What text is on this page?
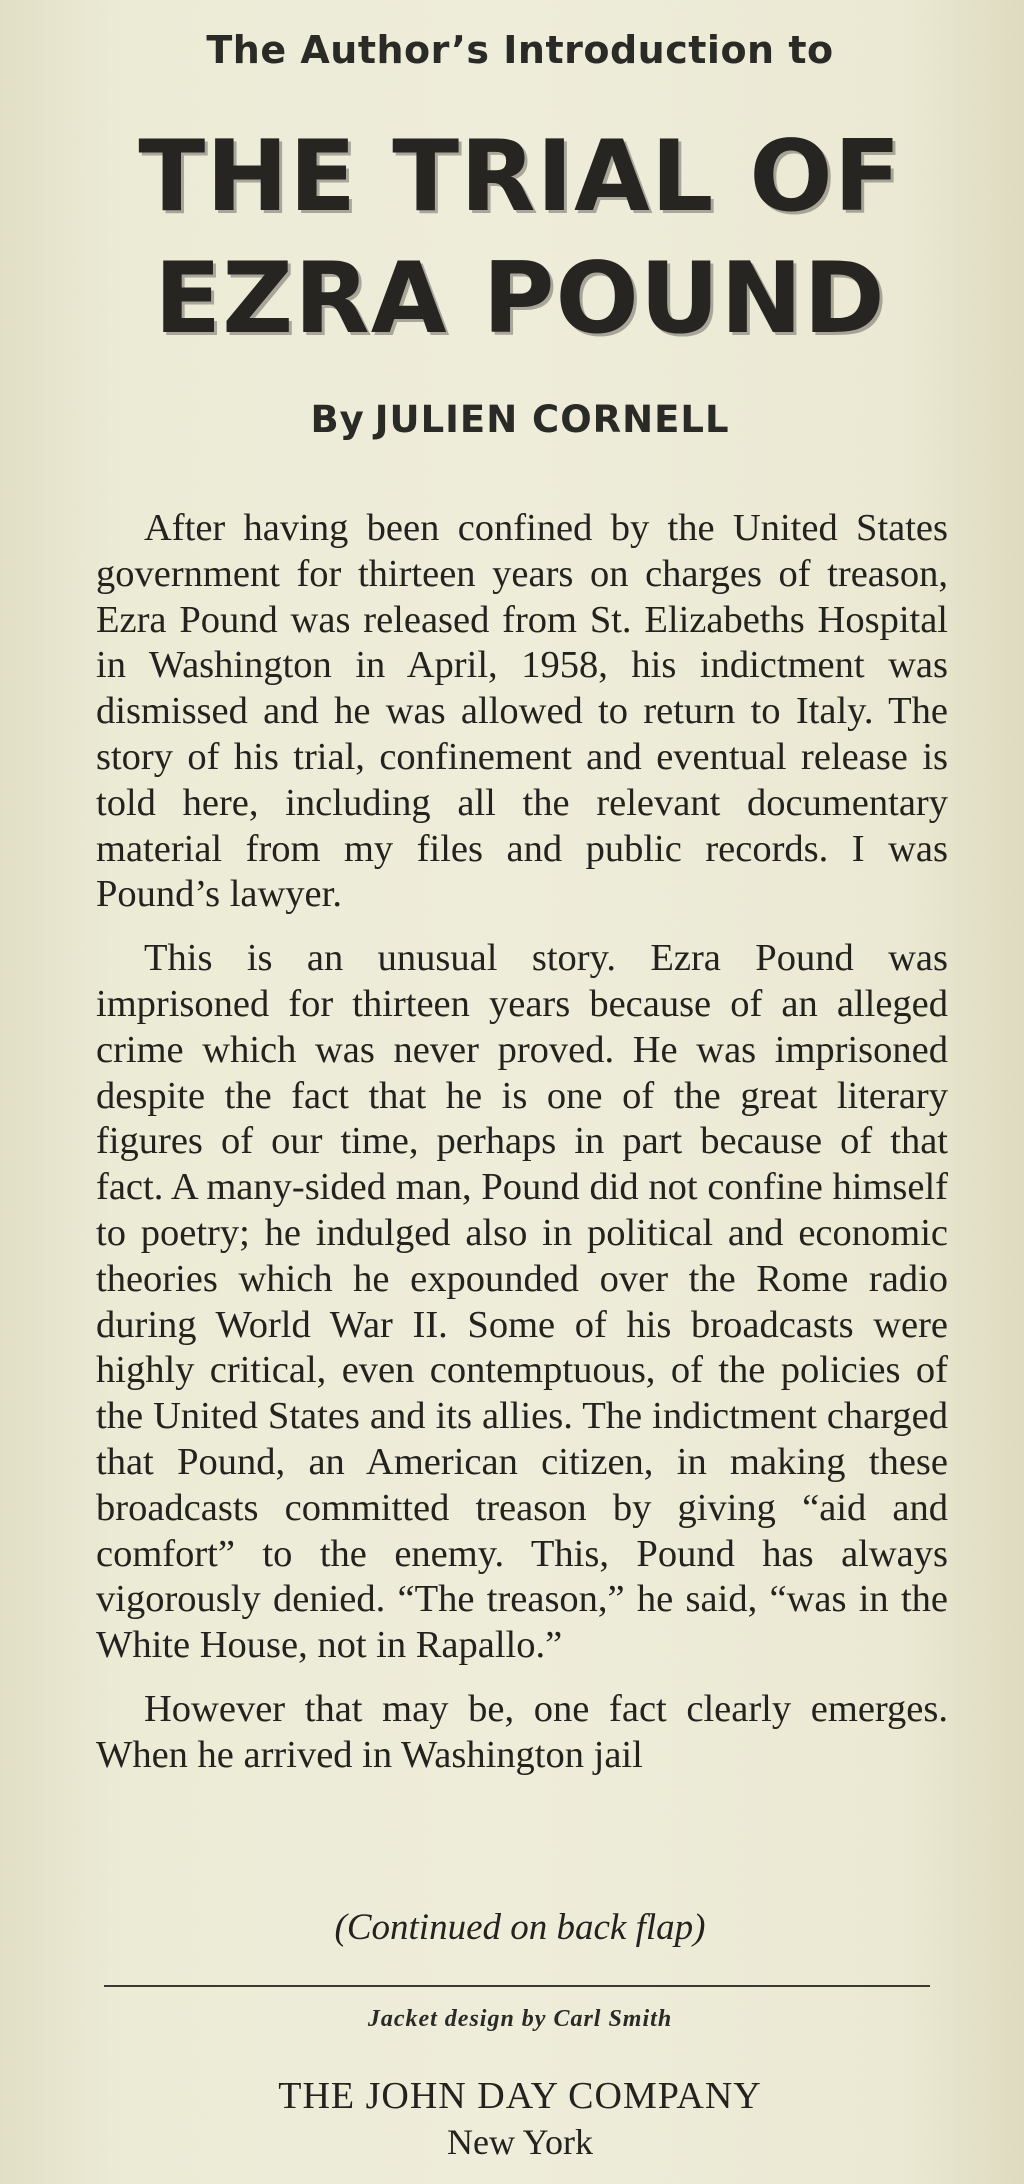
The Author’s Introduction to
THE TRIAL OF
EZRA POUND
By JULIEN CORNELL

After having been confined by the United States government for thirteen years on charges of treason, Ezra Pound was released from St. Elizabeths Hospital in Washington in April, 1958, his indictment was dismissed and he was allowed to return to Italy. The story of his trial, confinement and eventual release is told here, including all the relevant documentary material from my files and public records. I was Pound’s lawyer.

This is an unusual story. Ezra Pound was imprisoned for thirteen years because of an alleged crime which was never proved. He was imprisoned despite the fact that he is one of the great literary figures of our time, perhaps in part because of that fact. A many-sided man, Pound did not confine himself to poetry; he indulged also in political and economic theories which he expounded over the Rome radio during World War II. Some of his broadcasts were highly critical, even contemptuous, of the policies of the United States and its allies. The indictment charged that Pound, an American citizen, in making these broadcasts committed treason by giving “aid and comfort” to the enemy. This, Pound has always vigorously denied. “The treason,” he said, “was in the White House, not in Rapallo.”

However that may be, one fact clearly emerges. When he arrived in Washington jail

(Continued on back flap)
Jacket design by Carl Smith
THE JOHN DAY COMPANY
New York
